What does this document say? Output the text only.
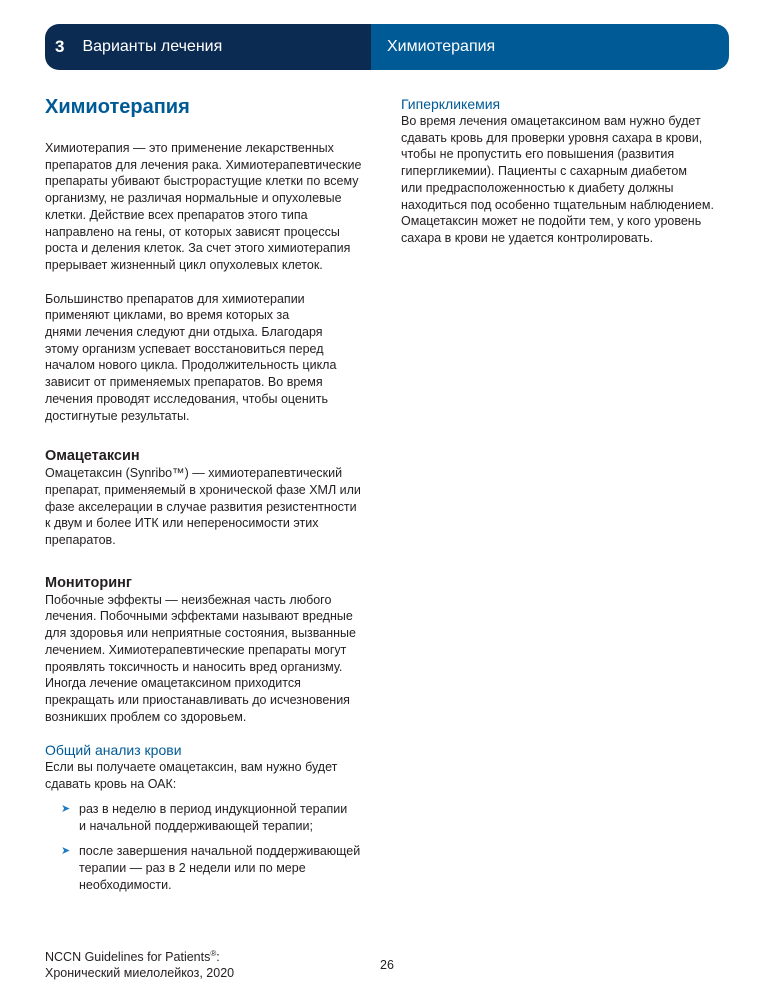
3 Варианты лечения	Химиотерапия
Химиотерапия

Химиотерапия — это применение лекарственных
препаратов для лечения рака. Химиотерапевтические
препараты убивают быстрорастущие клетки по всему
организму, не различая нормальные и опухолевые
клетки. Действие всех препаратов этого типа
направлено на гены, от которых зависят процессы
роста и деления клеток. За счет этого химиотерапия
прерывает жизненный цикл опухолевых клеток.

Большинство препаратов для химиотерапии
применяют циклами, во время которых за
днями лечения следуют дни отдыха. Благодаря
этому организм успевает восстановиться перед
началом нового цикла. Продолжительность цикла
зависит от применяемых препаратов. Во время
лечения проводят исследования, чтобы оценить
достигнутые результаты.

Омацетаксин

Омацетаксин (Synribo™) — химиотерапевтический
препарат, применяемый в хронической фазе ХМЛ или
фазе акселерации в случае развития резистентности
к двум и более ИТК или непереносимости этих
препаратов.

Мониторинг

Побочные эффекты — неизбежная часть любого
лечения. Побочными эффектами называют вредные
для здоровья или неприятные состояния, вызванные
лечением. Химиотерапевтические препараты могут
проявлять токсичность и наносить вред организму.
Иногда лечение омацетаксином приходится
прекращать или приостанавливать до исчезновения
возникших проблем со здоровьем.

Общий анализ крови

Если вы получаете омацетаксин, вам нужно будет
сдавать кровь на ОАК:

➤ раз в неделю в период индукционной терапии
и начальной поддерживающей терапии;
➤ после завершения начальной поддерживающей
терапии — раз в 2 недели или по мере
необходимости.
Гиперкликемия

Во время лечения омацетаксином вам нужно будет
сдавать кровь для проверки уровня сахара в крови,
чтобы не пропустить его повышения (развития
гипергликемии). Пациенты с сахарным диабетом
или предрасположенностью к диабету должны
находиться под особенно тщательным наблюдением.
Омацетаксин может не подойти тем, у кого уровень
сахара в крови не удается контролировать.

NCCN Guidelines for Patients®:
Хронический миелолейкоз, 2020
26
